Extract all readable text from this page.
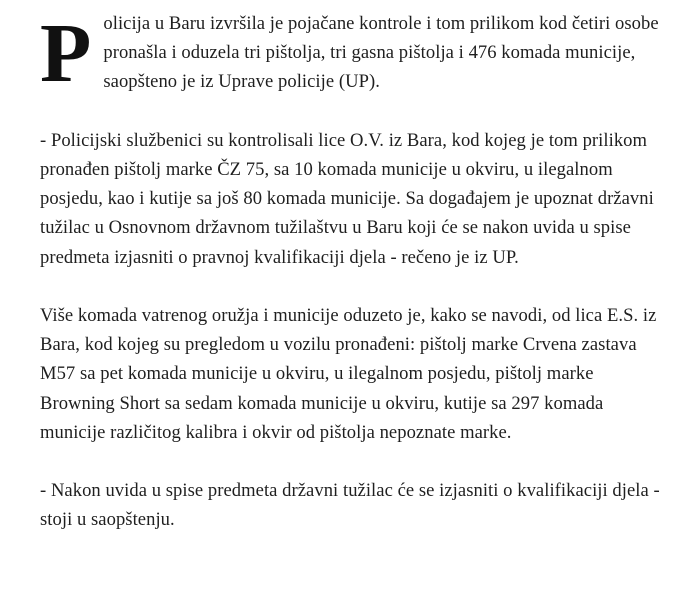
Policija u Baru izvršila je pojačane kontrole i tom prilikom kod četiri osobe pronašla i oduzela tri pištolja, tri gasna pištolja i 476 komada municije, saopšteno je iz Uprave policije (UP).

- Policijski službenici su kontrolisali lice O.V. iz Bara, kod kojeg je tom prilikom pronađen pištolj marke ČZ 75, sa 10 komada municije u okviru, u ilegalnom posjedu, kao i kutije sa još 80 komada municije. Sa događajem je upoznat državni tužilac u Osnovnom državnom tužilaštvu u Baru koji će se nakon uvida u spise predmeta izjasniti o pravnoj kvalifikaciji djela - rečeno je iz UP.

Više komada vatrenog oružja i municije oduzeto je, kako se navodi, od lica E.S. iz Bara, kod kojeg su pregledom u vozilu pronađeni: pištolj marke Crvena zastava M57 sa pet komada municije u okviru, u ilegalnom posjedu, pištolj marke Browning Short sa sedam komada municije u okviru, kutije sa 297 komada municije različitog kalibra i okvir od pištolja nepoznate marke.

- Nakon uvida u spise predmeta državni tužilac će se izjasniti o kvalifikaciji djela - stoji u saopštenju.
